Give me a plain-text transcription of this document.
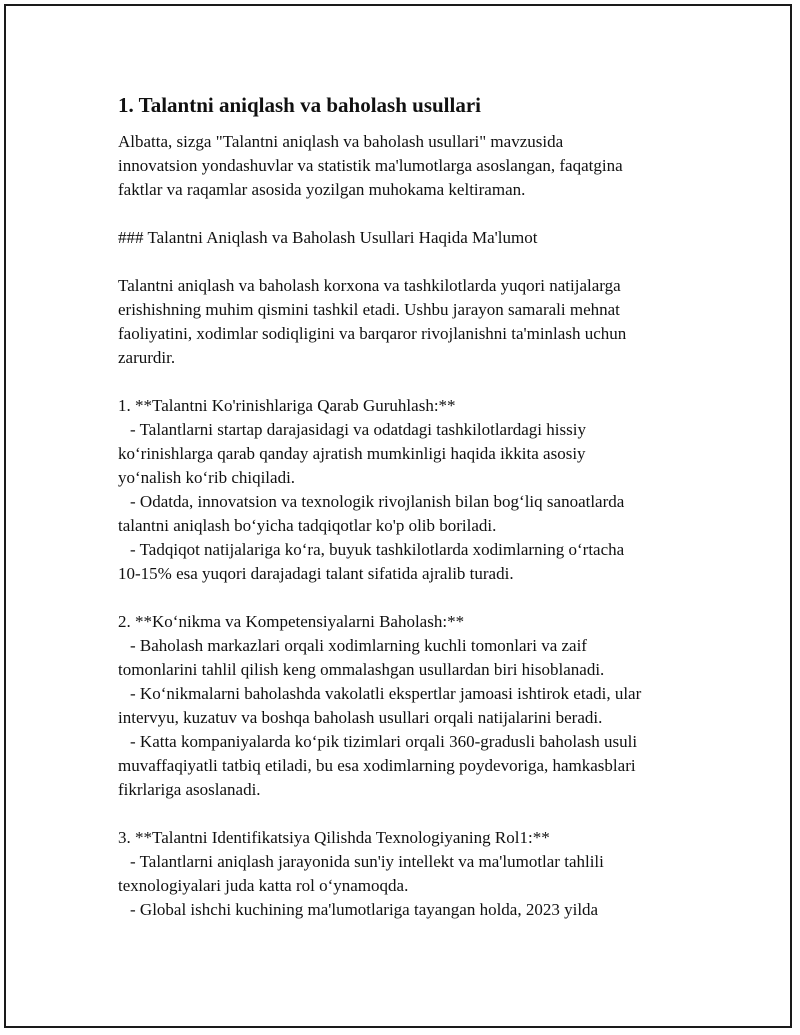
1. Talantni aniqlash va baholash usullari

Albatta, sizga "Talantni aniqlash va baholash usullari" mavzusida
innovatsion yondashuvlar va statistik ma'lumotlarga asoslangan, faqatgina
faktlar va raqamlar asosida yozilgan muhokama keltiraman.

### Talantni Aniqlash va Baholash Usullari Haqida Ma'lumot

Talantni aniqlash va baholash korxona va tashkilotlarda yuqori natijalarga
erishishning muhim qismini tashkil etadi. Ushbu jarayon samarali mehnat
faoliyatini, xodimlar sodiqligini va barqaror rivojlanishni ta'minlash uchun
zarurdir.

1. **Talantni Ko'rinishlariga Qarab Guruhlash:**
- Talantlarni startap darajasidagi va odatdagi tashkilotlardagi hissiy
ko‘rinishlarga qarab qanday ajratish mumkinligi haqida ikkita asosiy
yo‘nalish ko‘rib chiqiladi.
- Odatda, innovatsion va texnologik rivojlanish bilan bog‘liq sanoatlarda
talantni aniqlash bo‘yicha tadqiqotlar ko'p olib boriladi.
- Tadqiqot natijalariga ko‘ra, buyuk tashkilotlarda xodimlarning o‘rtacha
10-15% esa yuqori darajadagi talant sifatida ajralib turadi.
2. **Ko‘nikma va Kompetensiyalarni Baholash:**
- Baholash markazlari orqali xodimlarning kuchli tomonlari va zaif
tomonlarini tahlil qilish keng ommalashgan usullardan biri hisoblanadi.
- Ko‘nikmalarni baholashda vakolatli ekspertlar jamoasi ishtirok etadi, ular
intervyu, kuzatuv va boshqa baholash usullari orqali natijalarini beradi.
- Katta kompaniyalarda ko‘pik tizimlari orqali 360-gradusli baholash usuli
muvaffaqiyatli tatbiq etiladi, bu esa xodimlarning poydevoriga, hamkasblari
fikrlariga asoslanadi.
3. **Talantni Identifikatsiya Qilishda Texnologiyaning Rol1:**
- Talantlarni aniqlash jarayonida sun'iy intellekt va ma'lumotlar tahlili
texnologiyalari juda katta rol o‘ynamoqda.
- Global ishchi kuchining ma'lumotlariga tayangan holda, 2023 yilda
